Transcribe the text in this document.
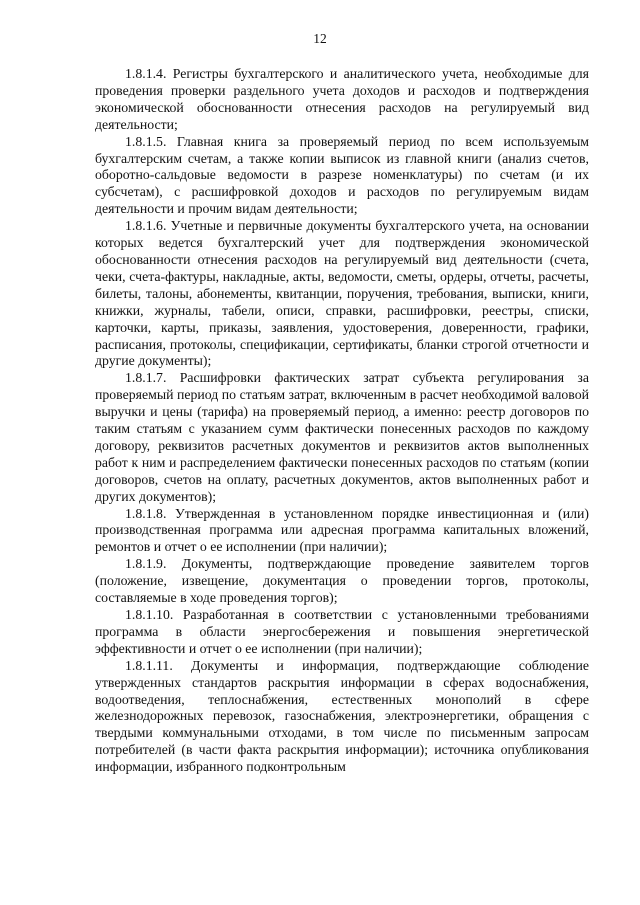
12

1.8.1.4. Регистры бухгалтерского и аналитического учета, необходимые для проведения проверки раздельного учета доходов и расходов и подтверждения экономической обоснованности отнесения расходов на регулируемый вид деятельности;

1.8.1.5. Главная книга за проверяемый период по всем используемым бухгалтерским счетам, а также копии выписок из главной книги (анализ счетов, оборотно-сальдовые ведомости в разрезе номенклатуры) по счетам (и их субсчетам), с расшифровкой доходов и расходов по регулируемым видам деятельности и прочим видам деятельности;

1.8.1.6. Учетные и первичные документы бухгалтерского учета, на основании которых ведется бухгалтерский учет для подтверждения экономической обоснованности отнесения расходов на регулируемый вид деятельности (счета, чеки, счета-фактуры, накладные, акты, ведомости, сметы, ордеры, отчеты, расчеты, билеты, талоны, абонементы, квитанции, поручения, требования, выписки, книги, книжки, журналы, табели, описи, справки, расшифровки, реестры, списки, карточки, карты, приказы, заявления, удостоверения, доверенности, графики, расписания, протоколы, спецификации, сертификаты, бланки строгой отчетности и другие документы);

1.8.1.7. Расшифровки фактических затрат субъекта регулирования за проверяемый период по статьям затрат, включенным в расчет необходимой валовой выручки и цены (тарифа) на проверяемый период, а именно: реестр договоров по таким статьям с указанием сумм фактически понесенных расходов по каждому договору, реквизитов расчетных документов и реквизитов актов выполненных работ к ним и распределением фактически понесенных расходов по статьям (копии договоров, счетов на оплату, расчетных документов, актов выполненных работ и других документов);

1.8.1.8. Утвержденная в установленном порядке инвестиционная и (или) производственная программа или адресная программа капитальных вложений, ремонтов и отчет о ее исполнении (при наличии);

1.8.1.9. Документы, подтверждающие проведение заявителем торгов (положение, извещение, документация о проведении торгов, протоколы, составляемые в ходе проведения торгов);

1.8.1.10. Разработанная в соответствии с установленными требованиями программа в области энергосбережения и повышения энергетической эффективности и отчет о ее исполнении (при наличии);

1.8.1.11. Документы и информация, подтверждающие соблюдение утвержденных стандартов раскрытия информации в сферах водоснабжения, водоотведения, теплоснабжения, естественных монополий в сфере железнодорожных перевозок, газоснабжения, электроэнергетики, обращения с твердыми коммунальными отходами, в том числе по письменным запросам потребителей (в части факта раскрытия информации); источника опубликования информации, избранного подконтрольным
